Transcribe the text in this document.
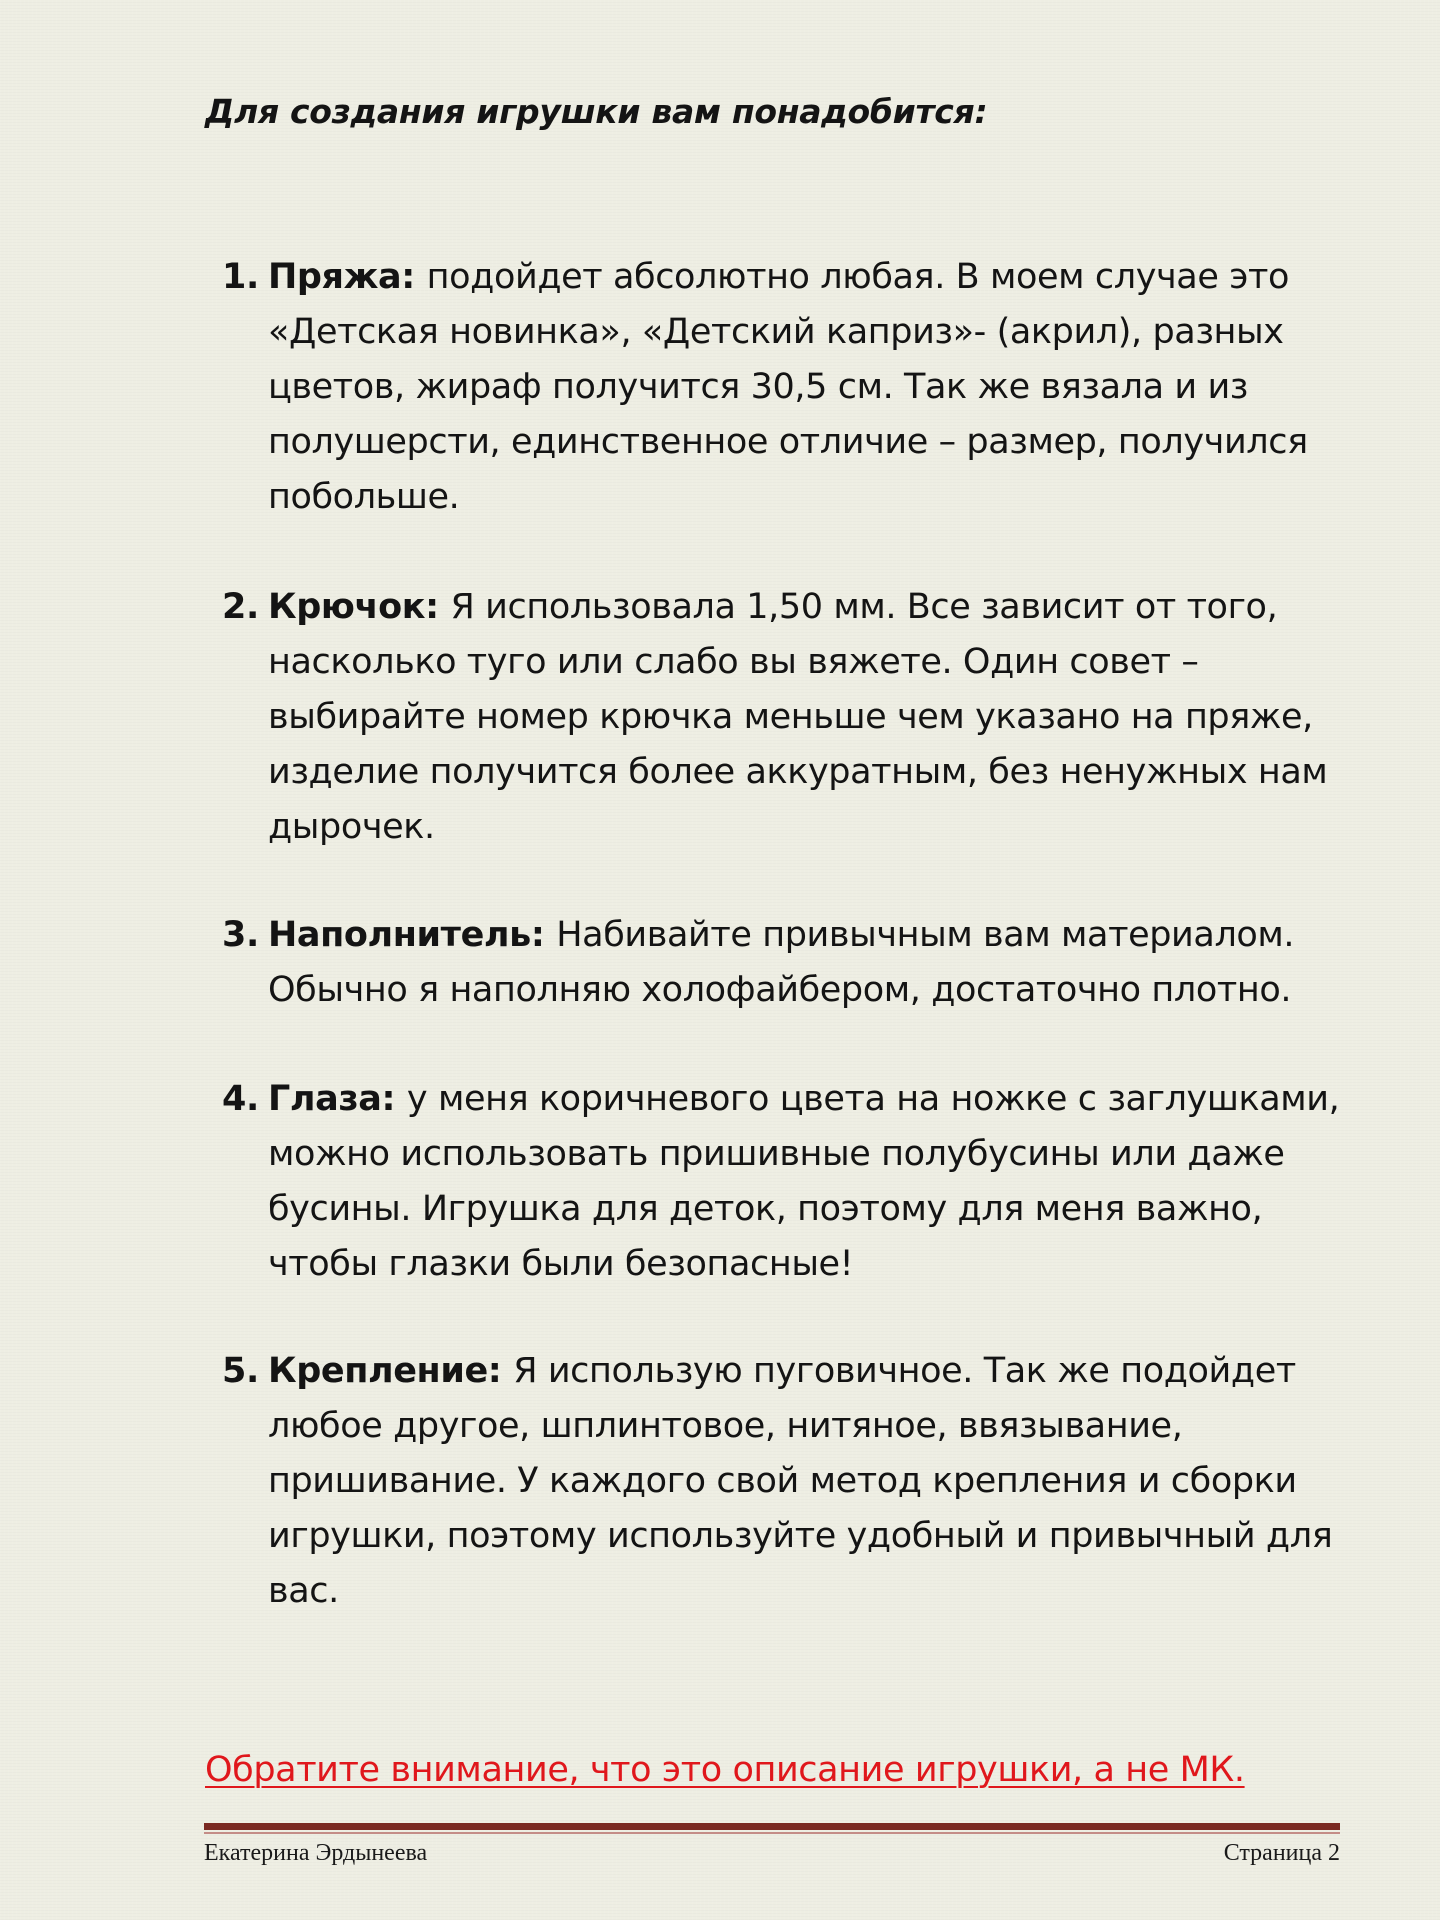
Для создания игрушки вам понадобится:
1. Пряжа: подойдет абсолютно любая. В моем случае это «Детская новинка», «Детский каприз»- (акрил), разных цветов, жираф получится 30,5 см. Так же вязала и из полушерсти, единственное отличие – размер, получился побольше.
2. Крючок: Я использовала 1,50 мм. Все зависит от того, насколько туго или слабо вы вяжете. Один совет – выбирайте номер крючка меньше чем указано на пряже, изделие получится более аккуратным, без ненужных нам дырочек.
3. Наполнитель: Набивайте привычным вам материалом. Обычно я наполняю холофайбером, достаточно плотно.
4. Глаза: у меня коричневого цвета на ножке с заглушками, можно использовать пришивные полубусины или даже бусины. Игрушка для деток, поэтому для меня важно, чтобы глазки были безопасные!
5. Крепление: Я использую пуговичное. Так же подойдет любое другое, шплинтовое, нитяное, ввязывание, пришивание. У каждого свой метод крепления и сборки игрушки, поэтому используйте удобный и привычный для вас.
Обратите внимание, что это описание игрушки, а не МК.
Екатерина Эрдынеева	Страница 2
